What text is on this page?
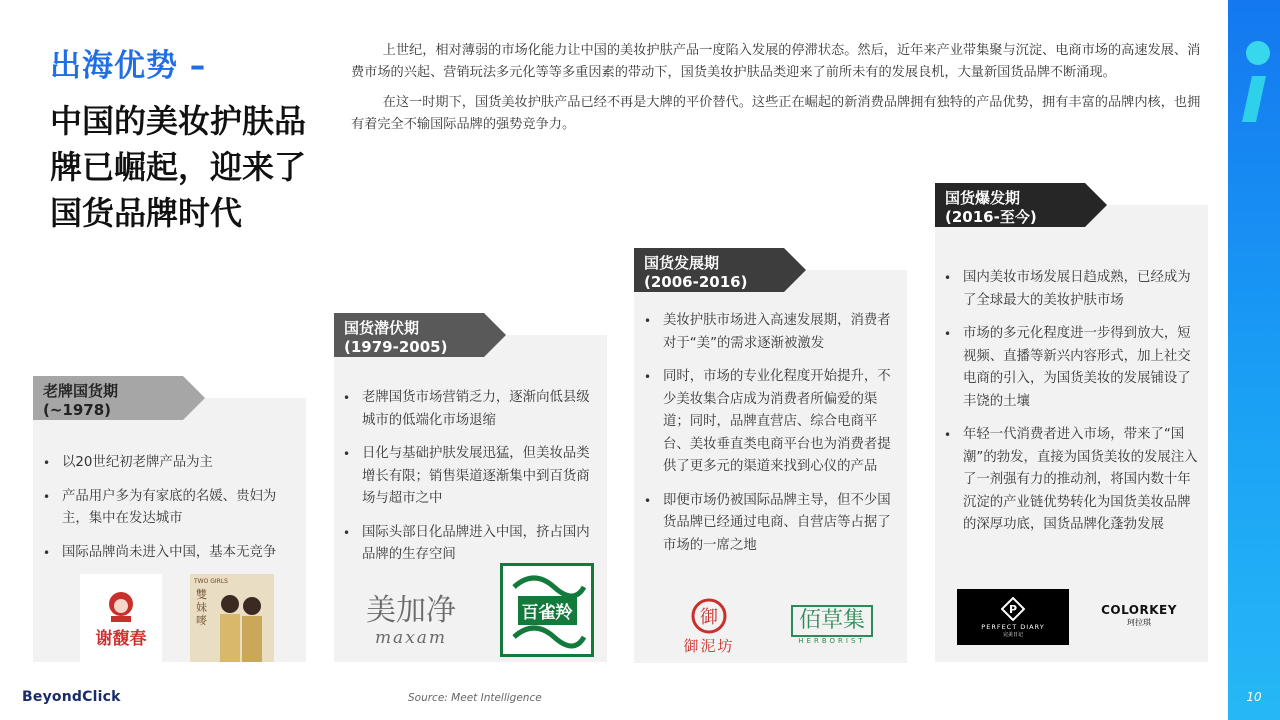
出海优势 –
中国的美妆护肤品牌已崛起，迎来了国货品牌时代

上世纪，相对薄弱的市场化能力让中国的美妆护肤产品一度陷入发展的停滞状态。然后，近年来产业带集聚与沉淀、电商市场的高速发展、消费市场的兴起、营销玩法多元化等等多重因素的带动下，国货美妆护肤品类迎来了前所未有的发展良机，大量新国货品牌不断涌现。

在这一时期下，国货美妆护肤产品已经不再是大牌的平价替代。这些正在崛起的新消费品牌拥有独特的产品优势，拥有丰富的品牌内核，也拥有着完全不输国际品牌的强势竞争力。

老牌国货期
(~1978)
• 以20世纪初老牌产品为主
• 产品用户多为有家底的名媛、贵妇为主，集中在发达城市
• 国际品牌尚未进入中国，基本无竞争
谢馥春
TWO GIRLS
雙妹嘜
国货潜伏期
(1979-2005)
• 老牌国货市场营销乏力，逐渐向低县级城市的低端化市场退缩
• 日化与基础护肤发展迅猛，但美妆品类增长有限；销售渠道逐渐集中到百货商场与超市之中
• 国际头部日化品牌进入中国，挤占国内品牌的生存空间
美加净
maxam
百雀羚
国货发展期
(2006-2016)
• 美妆护肤市场进入高速发展期，消费者对于“美”的需求逐渐被激发
• 同时，市场的专业化程度开始提升，不少美妆集合店成为消费者所偏爱的渠道；同时，品牌直营店、综合电商平台、美妆垂直类电商平台也为消费者提供了更多元的渠道来找到心仪的产品
• 即便市场仍被国际品牌主导，但不少国货品牌已经通过电商、自营店等占据了市场的一席之地
御
御泥坊
佰草集
HERBORIST
国货爆发期
(2016-至今)
• 国内美妆市场发展日趋成熟，已经成为了全球最大的美妆护肤市场
• 市场的多元化程度进一步得到放大，短视频、直播等新兴内容形式，加上社交电商的引入，为国货美妆的发展铺设了丰饶的土壤
• 年轻一代消费者进入市场，带来了“国潮”的勃发，直接为国货美妆的发展注入了一剂强有力的推动剂，将国内数十年沉淀的产业链优势转化为国货美妆品牌的深厚功底，国货品牌化蓬勃发展
P
PERFECT DIARY
完美日记
COLORKEY
珂拉琪
10
BeyondClick	Source: Meet Intelligence
